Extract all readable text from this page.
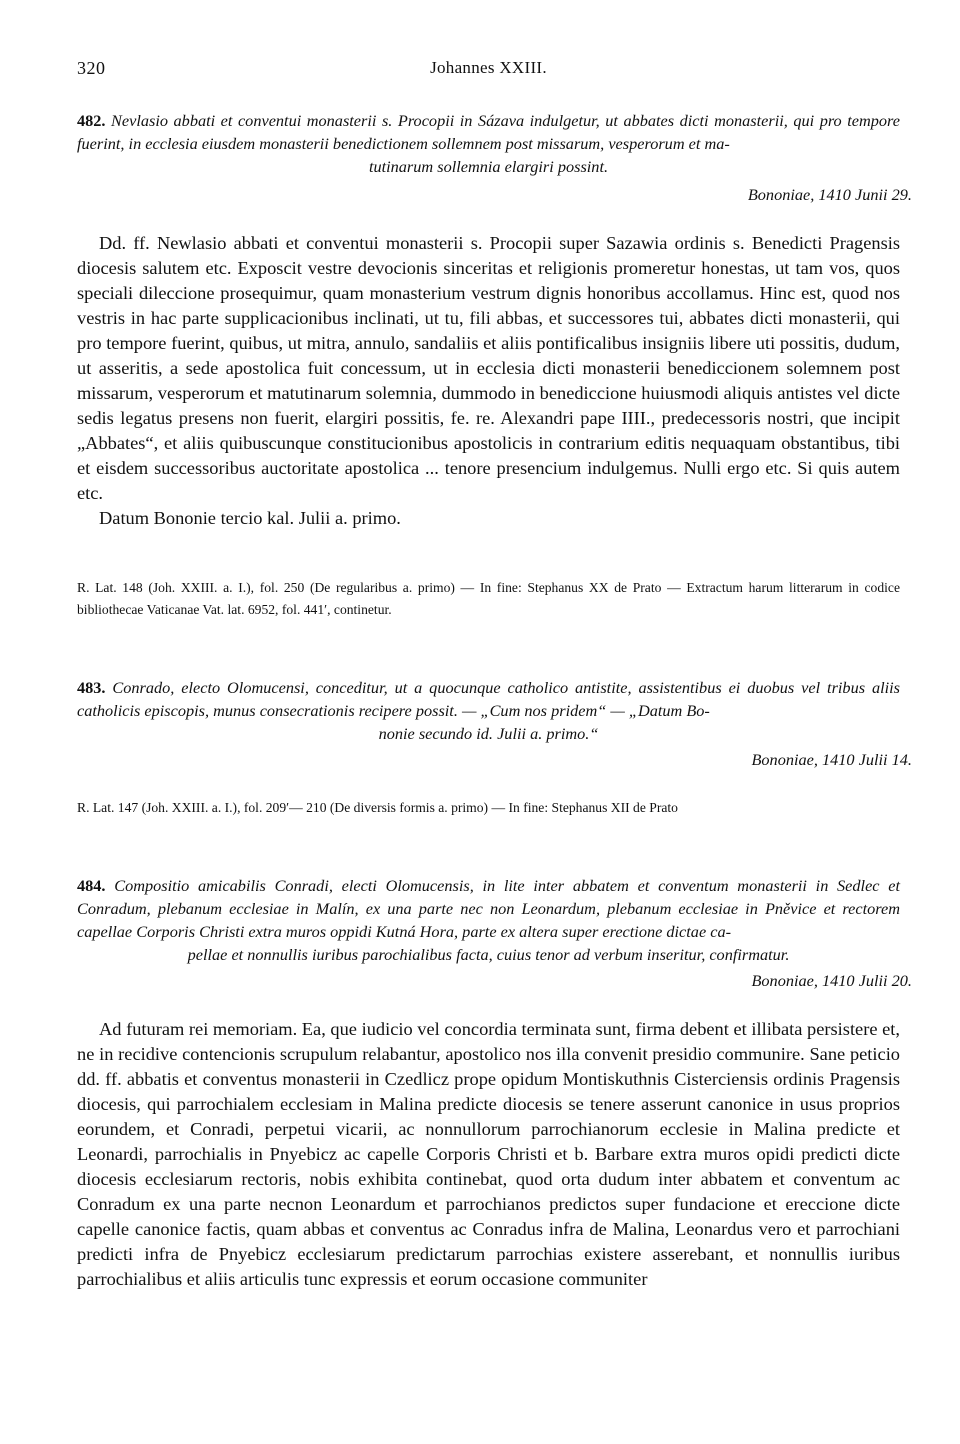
320	Johannes XXIII.
482. Nevlasio abbati et conventui monasterii s. Procopii in Sázava indulgetur, ut abbates dicti monasterii, qui pro tempore fuerint, in ecclesia eiusdem monasterii benedictionem sollemnem post missarum, vesperorum et ma-
tutinarum sollemnia elargiri possint.
Bononiae, 1410 Junii 29.

Dd. ff. Newlasio abbati et conventui monasterii s. Procopii super Sazawia ordinis s. Benedicti Pragensis diocesis salutem etc. Exposcit vestre devocionis sinceritas et religionis promeretur honestas, ut tam vos, quos speciali dileccione prosequimur, quam monasterium vestrum dignis honoribus accollamus. Hinc est, quod nos vestris in hac parte supplicacionibus inclinati, ut tu, fili abbas, et successores tui, abbates dicti monasterii, qui pro tempore fuerint, quibus, ut mitra, annulo, sandaliis et aliis pontificalibus insigniis libere uti possitis, dudum, ut asseritis, a sede apostolica fuit concessum, ut in ecclesia dicti monasterii benediccionem solemnem post missarum, vesperorum et matutinarum solemnia, dummodo in benediccione huiusmodi aliquis antistes vel dicte sedis legatus presens non fuerit, elargiri possitis, fe. re. Alexandri pape IIII., predecessoris nostri, que incipit „Abbates“, et aliis quibuscunque constitucionibus apostolicis in contrarium editis nequaquam obstantibus, tibi et eisdem successoribus auctoritate apostolica ... tenore presencium indulgemus. Nulli ergo etc. Si quis autem etc.

Datum Bononie tercio kal. Julii a. primo.

R. Lat. 148 (Joh. XXIII. a. I.), fol. 250 (De regularibus a. primo) — In fine: Stephanus XX de Prato — Extractum harum litterarum in codice bibliothecae Vaticanae Vat. lat. 6952, fol. 441′, continetur.
483. Conrado, electo Olomucensi, conceditur, ut a quocunque catholico antistite, assistentibus ei duobus vel tribus aliis catholicis episcopis, munus consecrationis recipere possit. — „Cum nos pridem“ — „Datum Bo-
nonie secundo id. Julii a. primo.“
Bononiae, 1410 Julii 14.
R. Lat. 147 (Joh. XXIII. a. I.), fol. 209′— 210 (De diversis formis a. primo) — In fine: Stephanus XII de Prato
484. Compositio amicabilis Conradi, electi Olomucensis, in lite inter abbatem et conventum monasterii in Sedlec et Conradum, plebanum ecclesiae in Malín, ex una parte nec non Leonardum, plebanum ecclesiae in Pněvice et rectorem capellae Corporis Christi extra muros oppidi Kutná Hora, parte ex altera super erectione dictae ca-
pellae et nonnullis iuribus parochialibus facta, cuius tenor ad verbum inseritur, confirmatur.
Bononiae, 1410 Julii 20.

Ad futuram rei memoriam. Ea, que iudicio vel concordia terminata sunt, firma debent et illibata persistere et, ne in recidive contencionis scrupulum relabantur, apostolico nos illa convenit presidio communire. Sane peticio dd. ff. abbatis et conventus monasterii in Czedlicz prope opidum Montiskuthnis Cisterciensis ordinis Pragensis diocesis, qui parrochialem ecclesiam in Malina predicte diocesis se tenere asserunt canonice in usus proprios eorundem, et Conradi, perpetui vicarii, ac nonnullorum parrochianorum ecclesie in Malina predicte et Leonardi, parrochialis in Pnyebicz ac capelle Corporis Christi et b. Barbare extra muros opidi predicti dicte diocesis ecclesiarum rectoris, nobis exhibita continebat, quod orta dudum inter abbatem et conventum ac Conradum ex una parte necnon Leonardum et parrochianos predictos super fundacione et ereccione dicte capelle canonice factis, quam abbas et conventus ac Conradus infra de Malina, Leonardus vero et parrochiani predicti infra de Pnyebicz ecclesiarum predictarum parrochias existere asserebant, et nonnullis iuribus parrochialibus et aliis articulis tunc expressis et eorum occasione communiter
